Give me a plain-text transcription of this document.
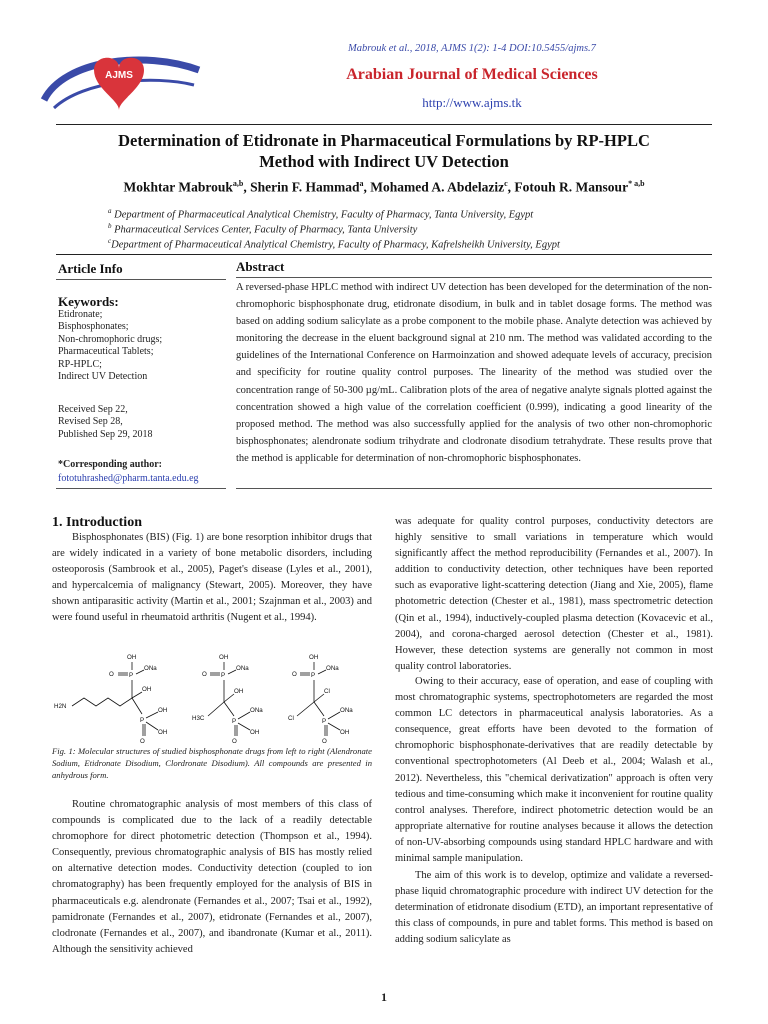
AJMS
Mabrouk et al., 2018, AJMS 1(2): 1-4 DOI:10.5455/ajms.7
Arabian Journal of Medical Sciences
http://www.ajms.tk
Determination of Etidronate in Pharmaceutical Formulations by RP-HPLC
Method with Indirect UV Detection
Mokhtar Mabrouk$^{a,b}$, Sherin F. Hammad$^a$, Mohamed A. Abdelaziz$^c$, Fotouh R. Mansour$^{* a,b}$
$^a$ Department of Pharmaceutical Analytical Chemistry, Faculty of Pharmacy, Tanta University, Egypt
$^b$ Pharmaceutical Services Center, Faculty of Pharmacy, Tanta University
$^c$Department of Pharmaceutical Analytical Chemistry, Faculty of Pharmacy, Kafrelsheikh University, Egypt
Article Info
Keywords:
Etidronate;
Bisphosphonates;
Non-chromophoric drugs;
Pharmaceutical Tablets;
RP-HPLC;
Indirect UV Detection
Received Sep 22,
Revised Sep 28,
Published Sep 29, 2018
*Corresponding author:
fototuhrashed@pharm.tanta.edu.eg
Abstract
A reversed-phase HPLC method with indirect UV detection has been developed for the determination of the non-chromophoric bisphosphonate drug, etidronate disodium, in bulk and in tablet dosage forms. The method was based on adding sodium salicylate as a probe component to the mobile phase. Analyte detection was achieved by monitoring the decrease in the eluent background signal at 210 nm. The method was validated according to the guidelines of the International Conference on Harmoinzation and showed adequate levels of accuracy, precision and specificity for routine quality control purposes. The linearity of the method was studied over the concentration range of 50-300 µg/mL. Calibration plots of the area of negative analyte signals plotted against the concentration showed a high value of the correlation coefficient (0.999), indicating a good linearity of the proposed method. The method was also successfully applied for the analysis of two other non-chromophoric bisphosphonates; alendronate sodium trihydrate and clodronate disodium tetrahydrate. These results prove that the method is applicable for determination of non-chromophoric bisphosphonates.
1. Introduction
Bisphosphonates (BIS) (Fig. 1) are bone resorption inhibitor drugs that are widely indicated in a variety of bone metabolic disorders, including osteoporosis (Sambrook et al., 2005), Paget's disease (Lyles et al., 2001), and hypercalcemia of malignancy (Stewart, 2005). Moreover, they have shown antiparasitic activity (Martin et al., 2001; Szajnman et al., 2003) and were found useful in rheumatoid arthritis (Nugent et al., 1994).
H2N
P
O
OH
ONa
OH
P
OH
O
OH
H3C
P
O
OH
ONa
OH
P
ONa
O
OH
Cl
P
O
OH
ONa
Cl
P
ONa
O
OH
Fig. 1: Molecular structures of studied bisphosphonate drugs from left to right (Alendronate Sodium, Etidronate Disodium, Clordronate Disodium). All compounds are presented in anhydrous form.
Routine chromatographic analysis of most members of this class of compounds is complicated due to the lack of a readily detectable chromophore for direct photometric detection (Thompson et al., 1994). Consequently, previous chromatographic analysis of BIS has mostly relied on alternative detection modes. Conductivity detection (coupled to ion chromatography) has been frequently employed for the analysis of BIS in pharmaceuticals e.g. alendronate (Fernandes et al., 2007; Tsai et al., 1992), pamidronate (Fernandes et al., 2007), etidronate (Fernandes et al., 2007), clodronate (Fernandes et al., 2007), and ibandronate (Kumar et al., 2011). Although the sensitivity achieved
was adequate for quality control purposes, conductivity detectors are highly sensitive to small variations in temperature which would significantly affect the method reproducibility (Fernandes et al., 2007). In addition to conductivity detection, other techniques have been reported such as evaporative light-scattering detection (Jiang and Xie, 2005), flame photometric detection (Chester et al., 1981), mass spectrometric detection (Qin et al., 1994), inductively-coupled plasma detection (Kovacevic et al., 2004), and corona-charged aerosol detection (Chester et al., 1981). However, these detection systems are generally not common in most quality control laboratories.
Owing to their accuracy, ease of operation, and ease of coupling with most chromatographic systems, spectrophotometers are regarded the most common LC detectors in pharmaceutical analysis laboratories. As a consequence, great efforts have been devoted to the formation of chromophoric bisphosphonate-derivatives that are readily detectable by conventional spectrophotometers (Al Deeb et al., 2004; Walash et al., 2012). Nevertheless, this "chemical derivatization" approach is often very tedious and time-consuming which make it inconvenient for routine quality control analyses. Therefore, indirect photometric detection would be an appropriate alternative for routine analyses because it allows the detection of non-UV-absorbing compounds using standard HPLC hardware and with minimal sample manipulation.
The aim of this work is to develop, optimize and validate a reversed-phase liquid chromatographic procedure with indirect UV detection for the determination of etidronate disodium (ETD), an important representative of this class of compounds, in pure and tablet forms. This method is based on adding sodium salicylate as
1
